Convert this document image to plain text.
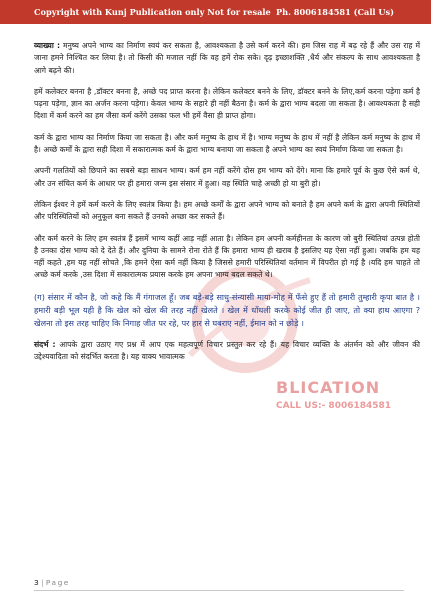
Copyright with Kunj Publication only Not for resale Ph. 8006184581 (Call Us)
BLICATION
CALL US:- 8006184581

व्याख्या : मनुष्य अपने भाग्य का निर्माण स्वयं कर सकता है, आवश्यकता है उसे कर्म करने की। हम जिस राह में बढ़ रहे हैं और उस राह में जाना हमने निश्चित कर लिया है। तो किसी की मजाल नहीं कि वह हमें रोक सके। दृढ़ इच्छाशक्ति ,धैर्य और संकल्प के साथ आवश्यकता है आगे बढ़ने की।

हमें कलेक्टर बनना है ,डॉक्टर बनना है, अच्छे पद प्राप्त करना है। लेकिन कलेक्टर बनने के लिए, डॉक्टर बनने के लिए,कर्म करना पड़ेगा कर्म है पढ़ना पड़ेगा, ज्ञान का अर्जन करना पड़ेगा। केवल भाग्य के सहारे ही नहीं बैठना है। कर्म के द्वारा भाग्य बदला जा सकता है। आवश्यकता है सही दिशा में कर्म करने का हम जैसा कर्म करेंगे उसका फल भी हमें वैसा ही प्राप्त होगा।

कर्म के द्वारा भाग्य का निर्माण किया जा सकता है। और कर्म मनुष्य के हाथ में है। भाग्य मनुष्य के हाथ में नहीं है लेकिन कर्म मनुष्य के हाथ में है। अच्छे कर्मों के द्वारा सही दिशा में सकारात्मक कर्म के द्वारा भाग्य बनाया जा सकता है अपने भाग्य का स्वयं निर्माण किया जा सकता है।

अपनी गलतियों को छिपाने का सबसे बड़ा साधन भाग्य। कर्म हम नहीं करेंगे दोस हम भाग्य को देंगे। माना कि हमारे पूर्व के कुछ ऐसे कर्म थे, और उन संचित कर्म के आधार पर ही हमारा जन्म इस संसार में हुआ। वह स्थिति चाहे अच्छी हो या बुरी हो।

लेकिन ईश्वर ने हमें कर्म करने के लिए स्वतंत्र किया है। हम अच्छे कर्मों के द्वारा अपने भाग्य को बनाते है हम अपने कर्म के द्वारा अपनी स्थितियों और परिस्थितियों को अनुकूल बना सकते हैं उनको अच्छा कर सकते हैं।

और कर्म करने के लिए हम स्वतंत्र हैं इसमें भाग्य कहीं आड़ नहीं आता है। लेकिन हम अपनी कर्महीनता के कारण जो बुरी स्थितियां उत्पन्न होती है उनका दोस भाग्य को दे देते हैं। और दुनिया के सामने रोना रोते हैं कि हमारा भाग्य ही खराब है इसलिए यह ऐसा नहीं हुआ। जबकि हम यह नहीं कहते ,हम यह नहीं सोचते ,कि हमने ऐसा कर्म नहीं किया है जिससे हमारी परिस्थितियां वर्तमान में विपरीत हो गई है ।यदि हम चाहते तो अच्छे कर्म करके ,उस दिशा में सकारात्मक प्रयास करके हम अपना भाग्य बदल सकते थे।

(ग) संसार में कौन है, जो कहे कि मैं गंगाजल हूँ। जब बड़े-बड़े साधु-संन्यासी माया-मोह में फँसे हुए हैं तो हमारी तुम्हारी कृपा बात है । हमारी बड़ी भूल यही है कि खेल को खेल की तरह नहीं खेलते । खेल में धाँधली करके कोई जीत ही जाए, तो क्या हाथ आएगा ? खेलना तो इस तरह चाहिए कि निगाह जीत पर रहे, पर हार से घबराए नहीं, ईमान को न छोड़े ।

संदर्भ : आपके द्वारा उठाए गए प्रश्न में आप एक महत्वपूर्ण विचार प्रस्तुत कर रहे हैं। यह विचार व्यक्ति के अंतर्मन को और जीवन की उद्देश्यवादिता को संदर्भित करता है। यह वाक्य भावात्मक

3 | Page
